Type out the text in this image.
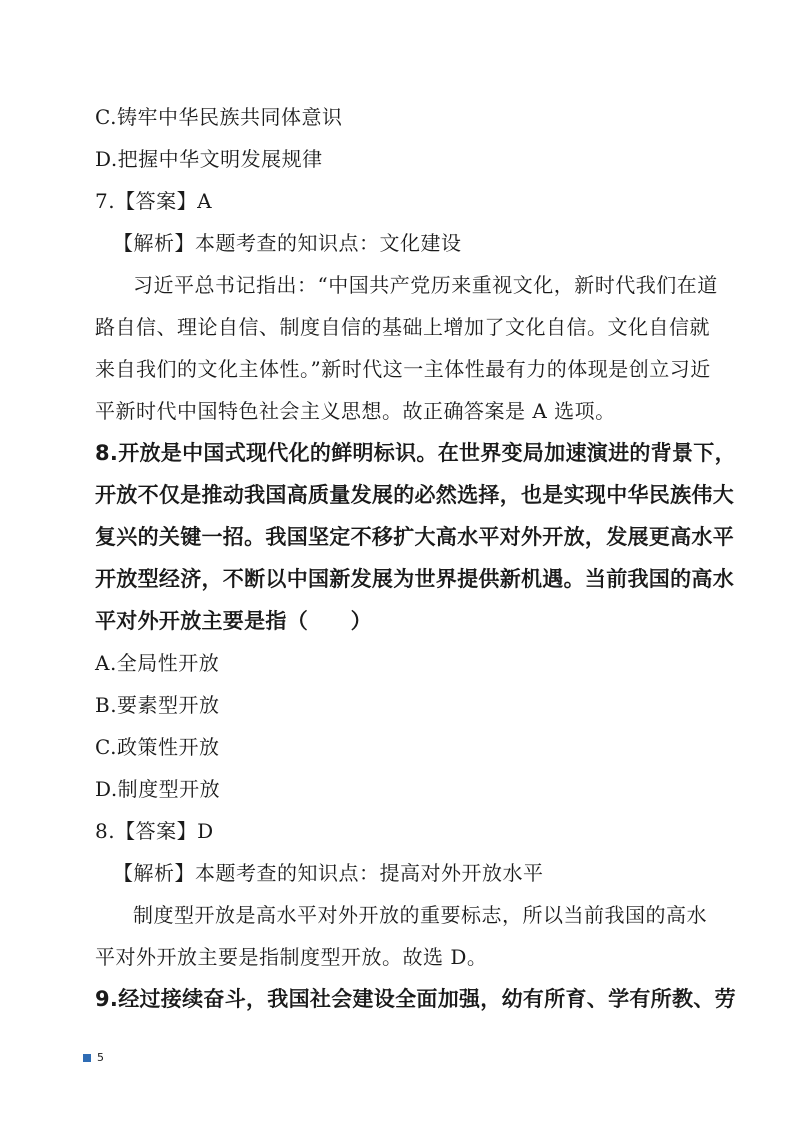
C.铸牢中华民族共同体意识
D.把握中华文明发展规律
7.【答案】A
【解析】本题考查的知识点：文化建设
习近平总书记指出：“中国共产党历来重视文化，新时代我们在道
路自信、理论自信、制度自信的基础上增加了文化自信。文化自信就
来自我们的文化主体性。”新时代这一主体性最有力的体现是创立习近
平新时代中国特色社会主义思想。故正确答案是 A 选项。
8.开放是中国式现代化的鲜明标识。在世界变局加速演进的背景下，
开放不仅是推动我国高质量发展的必然选择，也是实现中华民族伟大
复兴的关键一招。我国坚定不移扩大高水平对外开放，发展更高水平
开放型经济，不断以中国新发展为世界提供新机遇。当前我国的高水
平对外开放主要是指（　　）
A.全局性开放
B.要素型开放
C.政策性开放
D.制度型开放
8.【答案】D
【解析】本题考查的知识点：提高对外开放水平
制度型开放是高水平对外开放的重要标志，所以当前我国的高水
平对外开放主要是指制度型开放。故选 D。
9.经过接续奋斗，我国社会建设全面加强，幼有所育、学有所教、劳
5
